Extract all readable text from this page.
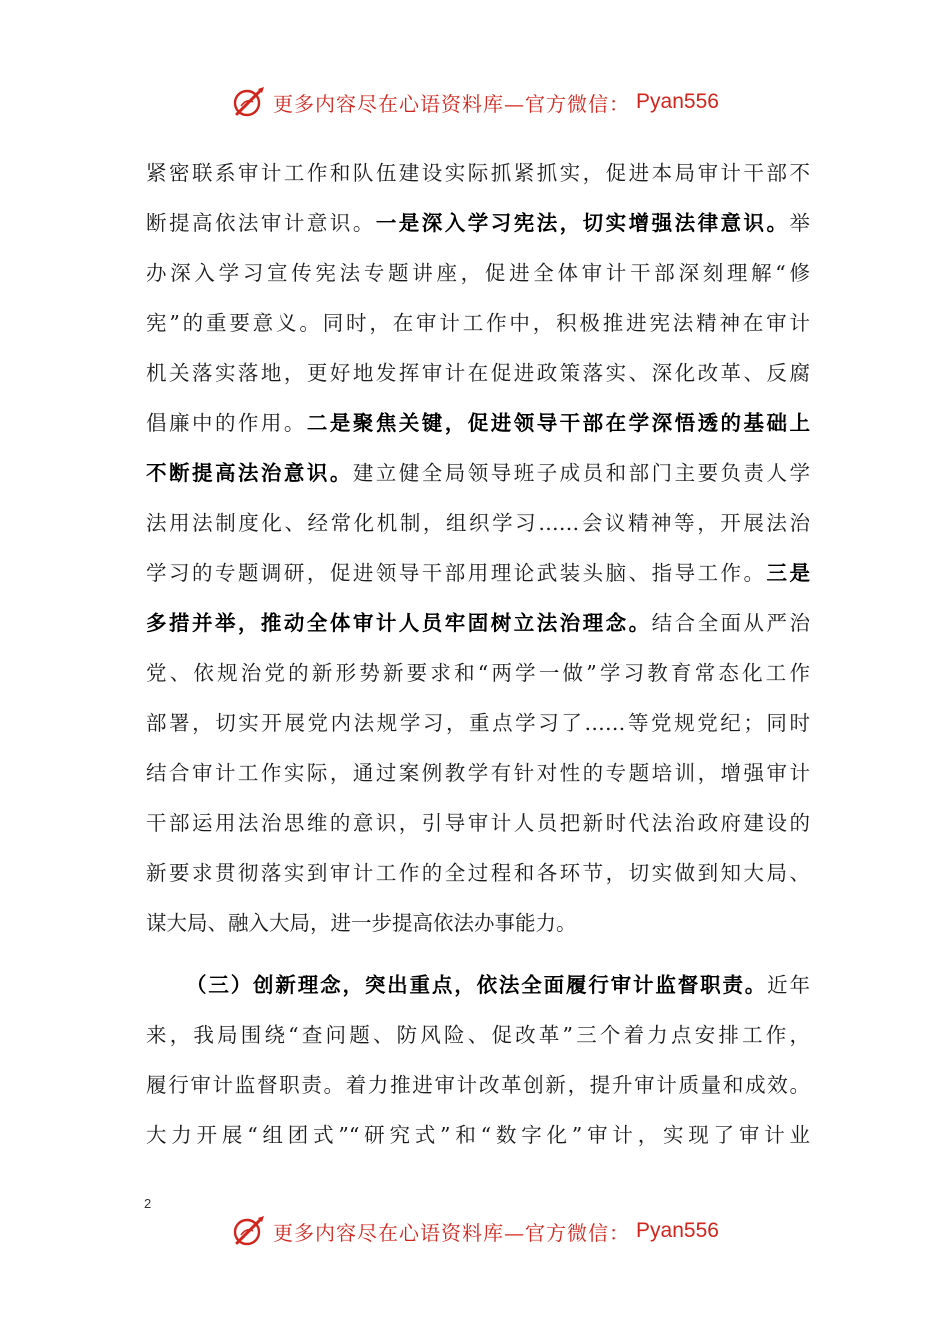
更多内容尽在心语资料库—官方微信： Pyan556
紧密联系审计工作和队伍建设实际抓紧抓实，促进本局审计干部不
断提高依法审计意识。一是深入学习宪法，切实增强法律意识。举
办深入学习宣传宪法专题讲座，促进全体审计干部深刻理解“修
宪”的重要意义。同时，在审计工作中，积极推进宪法精神在审计
机关落实落地，更好地发挥审计在促进政策落实、深化改革、反腐
倡廉中的作用。二是聚焦关键，促进领导干部在学深悟透的基础上
不断提高法治意识。建立健全局领导班子成员和部门主要负责人学
法用法制度化、经常化机制，组织学习……会议精神等，开展法治
学习的专题调研，促进领导干部用理论武装头脑、指导工作。三是
多措并举，推动全体审计人员牢固树立法治理念。结合全面从严治
党、依规治党的新形势新要求和“两学一做”学习教育常态化工作
部署，切实开展党内法规学习，重点学习了……等党规党纪；同时
结合审计工作实际，通过案例教学有针对性的专题培训，增强审计
干部运用法治思维的意识，引导审计人员把新时代法治政府建设的
新要求贯彻落实到审计工作的全过程和各环节，切实做到知大局、
谋大局、融入大局，进一步提高依法办事能力。
（三）创新理念，突出重点，依法全面履行审计监督职责。近年
来，我局围绕“查问题、防风险、促改革”三个着力点安排工作，
履行审计监督职责。着力推进审计改革创新，提升审计质量和成效。
大力开展“组团式”“研究式”和“数字化”审计，实现了审计业
2
更多内容尽在心语资料库—官方微信： Pyan556
